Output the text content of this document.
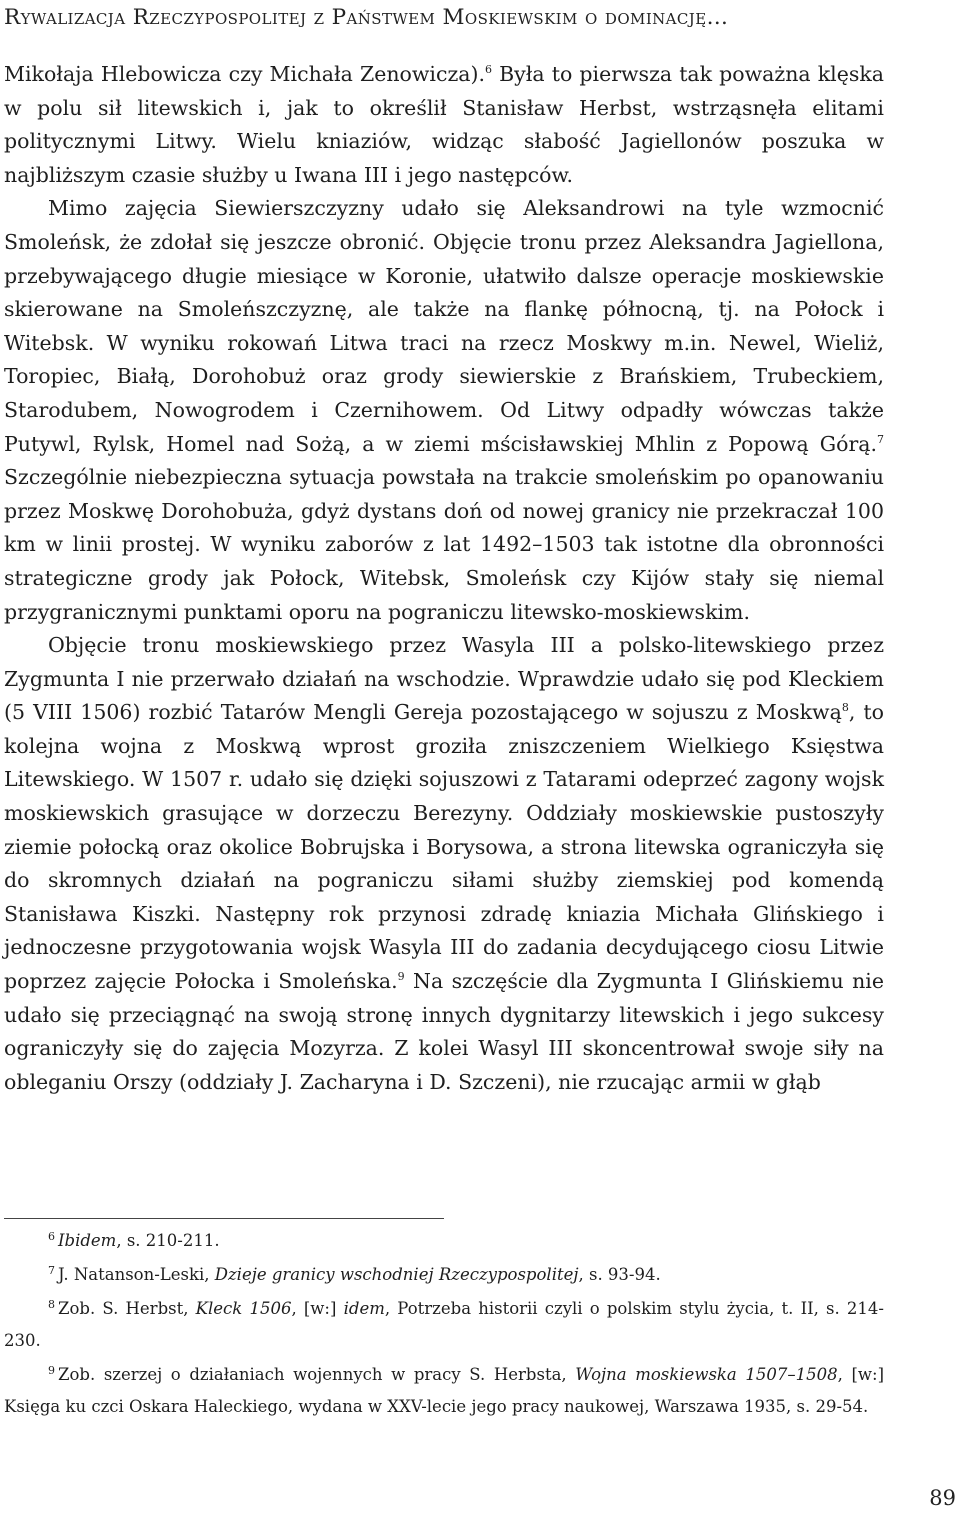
Rywalizacja Rzeczypospolitej z Państwem Moskiewskim o dominację…

Mikołaja Hlebowicza czy Michała Zenowicza).$^6$ Była to pierwsza tak poważna klęska w polu sił litewskich i, jak to określił Stanisław Herbst, wstrząsnęła elitami politycznymi Litwy. Wielu kniaziów, widząc słabość Jagiellonów poszuka w najbliższym czasie służby u Iwana III i jego następców.

Mimo zajęcia Siewierszczyzny udało się Aleksandrowi na tyle wzmocnić Smoleńsk, że zdołał się jeszcze obronić. Objęcie tronu przez Aleksandra Jagiellona, przebywającego długie miesiące w Koronie, ułatwiło dalsze operacje moskiewskie skierowane na Smoleńszczyznę, ale także na flankę północną, tj. na Połock i Witebsk. W wyniku rokowań Litwa traci na rzecz Moskwy m.in. Newel, Wieliż, Toropiec, Białą, Dorohobuż oraz grody siewierskie z Brańskiem, Trubeckiem, Starodubem, Nowogrodem i Czernihowem. Od Litwy odpadły wówczas także Putywl, Rylsk, Homel nad Sożą, a w ziemi mścisławskiej Mhlin z Popową Górą.$^7$ Szczególnie niebezpieczna sytuacja powstała na trakcie smoleńskim po opanowaniu przez Moskwę Dorohobuża, gdyż dystans doń od nowej granicy nie przekraczał 100 km w linii prostej. W wyniku zaborów z lat 1492–1503 tak istotne dla obronności strategiczne grody jak Połock, Witebsk, Smoleńsk czy Kijów stały się niemal przygranicznymi punktami oporu na pograniczu litewsko-moskiewskim.

Objęcie tronu moskiewskiego przez Wasyla III a polsko-litewskiego przez Zygmunta I nie przerwało działań na wschodzie. Wprawdzie udało się pod Kleckiem (5 VIII 1506) rozbić Tatarów Mengli Gereja pozostającego w sojuszu z Moskwą$^8$, to kolejna wojna z Moskwą wprost groziła zniszczeniem Wielkiego Księstwa Litewskiego. W 1507 r. udało się dzięki sojuszowi z Tatarami odeprzeć zagony wojsk moskiewskich grasujące w dorzeczu Berezyny. Oddziały moskiewskie pustoszyły ziemie połocką oraz okolice Bobrujska i Borysowa, a strona litewska ograniczyła się do skromnych działań na pograniczu siłami służby ziemskiej pod komendą Stanisława Kiszki. Następny rok przynosi zdradę kniazia Michała Glińskiego i jednoczesne przygotowania wojsk Wasyla III do zadania decydującego ciosu Litwie poprzez zajęcie Połocka i Smoleńska.$^9$ Na szczęście dla Zygmunta I Glińskiemu nie udało się przeciągnąć na swoją stronę innych dygnitarzy litewskich i jego sukcesy ograniczyły się do zajęcia Mozyrza. Z kolei Wasyl III skoncentrował swoje siły na obleganiu Orszy (oddziały J. Zacharyna i D. Szczeni), nie rzucając armii w głąb

$^6$ Ibidem, s. 210-211.

$^7$ J. Natanson-Leski, Dzieje granicy wschodniej Rzeczypospolitej, s. 93-94.

$^8$ Zob. S. Herbst, Kleck 1506, [w:] idem, Potrzeba historii czyli o polskim stylu życia, t. II, s. 214-230.

$^9$ Zob. szerzej o działaniach wojennych w pracy S. Herbsta, Wojna moskiewska 1507–1508, [w:] Księga ku czci Oskara Haleckiego, wydana w XXV-lecie jego pracy naukowej, Warszawa 1935, s. 29-54.

89
